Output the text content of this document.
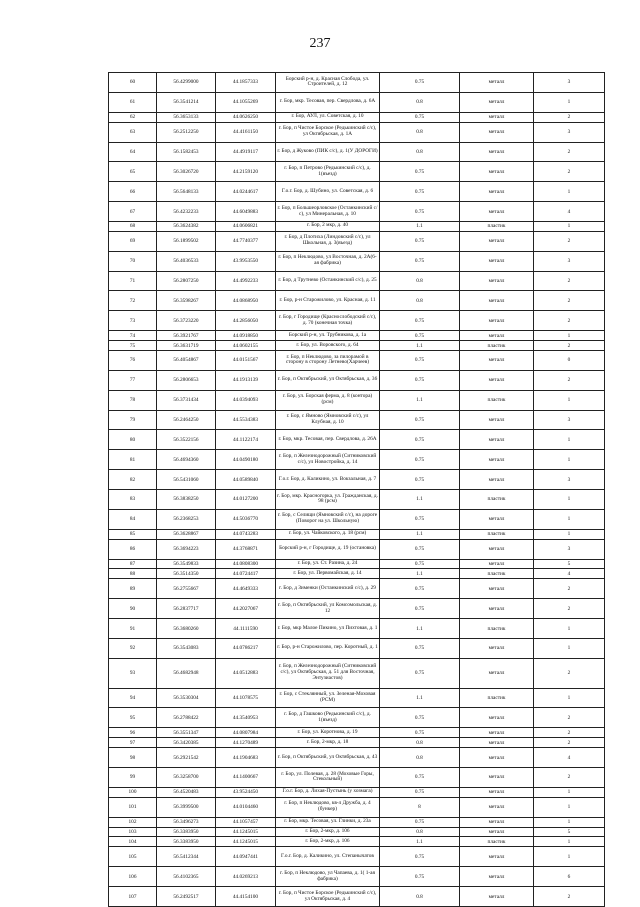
237
60	56.4299000	44.1857333	Борский р-н, д. Красная Слобода, ул. Строителей, д. 12	0.75	металл	3
61	56.3541214	44.1055269	г. Бор, мкр. Тесовая, пер. Свердлова, д. 6А	0.8	металл	1
62	56.3653133	44.0626250	г. Бор, АУЛ, ул. Советская, д. 10	0.75	металл	2
63	56.2512250	44.4161150	г. Бор, п Чистое Борское (Редькинский с/с), ул Октябрьская, д. 1А	0.8	металл	3
64	56.1582453	44.4919117	г. Бор, д Жуково (ПИК с/с), д. 1(У ДОРОГИ)	0.8	металл	2
65	56.3026720	44.2159120	г. Бор, п Петровo (Редькинский с/с), д. 1(въезд)	0.75	металл	2
66	56.5648133	44.0244617	Г.о.г. Бор, д. Шубино, ул. Советская, д. 6	0.75	металл	1
67	56.4232233	44.6049883	г. Бор, п Большеорловское (Останкинский с/с), ул Минеральная, д. 10	0.75	металл	4
68	56.3624382	44.0606821	г. Бор, 2 мкр, д. 40	1.1	пластик	1
69	56.1899502	44.7740377	г. Бор, д Плотиха (Линдовский с/с), ул Школьная, д. 3(въезд)	0.75	металл	2
70	56.4036533	43.9953550	г. Бор, п Неклюдово, ул Восточная, д. 2А(6-ая фабрика)	0.75	металл	3
71	56.2807250	44.4992233	г. Бор, д Трутнево (Останкинский с/с), д. 25	0.8	металл	2
72	56.3598267	44.0868950	г. Бор, р-н Старожилово, ул. Красная, д. 11	0.8	металл	2
73	56.3723220	44.2856050	г. Бор, г Городище (Краснослободский с/с), д. 70 (конечная точка)	0.75	металл	2
74	56.3921767	44.0918850	Борский р-н, ул. Трубникова, д. 1а	0.75	металл	1
75	56.3631719	44.0602155	г. Бор, ул. Воровского, д. 64	1.1	пластик	2
76	56.4054867	44.0151567	г. Бор, п Неклюдово, за пилорамой в сторону в сторону Летнево(Харчеев)	0.75	металл	0
77	56.2806653	44.1913139	г. Бор, п Октябрьский, ул Октябрьская, д. 36	0.75	металл	2
78	56.3731434	44.0394093	г. Бор, ул. Борская ферма, д. 8 (контора) (рсм)	1.1	пластик	1
79	56.2464250	44.5534383	г. Бор, с Ямново (Ямновский с/с), ул Клубная, д. 10	0.75	металл	3
80	56.3522156	44.1122174	г. Бор, мкр. Тесовая, пер. Свердлова, д. 26А	0.75	металл	1
81	56.4694360	44.0490180	г. Бор, п Железнодорожный (Ситниковский с/с), ул Новостройка, д. 14	0.75	металл	1
82	56.5431060	44.0589840	Г.о.г. Бор, д. Каликино, ул. Вокзальная, д. 7	0.75	металл	3
83	56.3838250	44.0127200	г. Бор, мкр. Красногорка, ул. Гражданская, д. 98 (рсм)	1.1	пластик	1
84	56.2368253	44.5036770	г. Бор, с Селищи (Ямновский с/с), на дороге (Поворот на ул. Школьную)	0.75	металл	1
85	56.3628867	44.0743283	г. Бор, ул. Чайковского, д. 18 (рсм)	1.1	пластик	1
86	56.3694223	44.3768871	Борский р-н, г Городище, д. 19 (остановка)	0.75	металл	3
87	56.3549833	44.0808300	г. Бор, ул. Ст. Разина, д. 24	0.75	металл	5
88	56.3514350	44.0724417	г. Бор, ул. Первомайская, д. 14	1.1	пластик	4
89	56.2755667	44.4649333	г. Бор, д Зименки (Останкинский с/с), д. 29	0.75	металл	2
90	56.2837717	44.2027067	г. Бор, п Октябрьский, ул Комсомольская, д. 12	0.75	металл	2
91	56.3680260	44.1111590	г. Бор, мкр Малое Пикино, ул Пихтовая, д. 1	1.1	пластик	1
92	56.3543083	44.0786217	г. Бор, р-н Старожилово, пер. Коротный, д. 1	0.75	металл	1
93	56.4682948	44.0512883	г. Бор, п Железнодорожный (Ситниковский с/с), ул Октябрьская, д. 51 для Восточная, Энтузиастов)	0.75	металл	2
94	56.3530304	44.1078575	г. Бор, с Стеклянный, ул. Зеленая-Моховая (РСМ)	1.1	пластик	1
95	56.2788422	44.3540953	г. Бор, д Гашково (Редькинский с/с), д. 1(въезд)	0.75	металл	2
96	56.3551347	44.0807984	г. Бор, ул. Коротнова, д. 19	0.75	металл	2
97	56.3420385	44.1270489	г. Бор, 2-мкр, д. 18	0.8	металл	2
98	56.2921542	44.1904683	г. Бор, п Октябрьский, ул Октябрьская, д. 43	0.8	металл	4
99	56.3258700	44.1400667	г. Бор, ул. Полевая, д. 28 (Моховые Горы, Стекольный)	0.75	металл	2
100	56.4520483	43.9524450	Г.о.г. Бор, д. Лихая-Пустынь (у хозмага)	0.75	металл	1
101	56.3999500	44.0104460	г. Бор, п Неклюдово, кв-л Дружба, д. 4 (бункер)	8	металл	1
102	56.3496273	44.1057457	г. Бор, мкр. Тесовая, ул. Глинки, д. 23а	0.75	металл	1
103	56.3383950	44.1245015	г. Бор, 2-мкр, д. 106	0.8	металл	5
104	56.3383950	44.1245015	г. Бор, 2-мкр, д. 106	1.1	пластик	1
105	56.5412344	44.0947441	Г.о.г. Бор, д. Каликино, ул. Степанычатов	0.75	металл	1
106	56.4102365	44.0269213	г. Бор, п Неклюдово, ул Чапаева, д. 1( 1-ая фабрика)	0.75	металл	6
107	56.2492517	44.4154100	г. Бор, п Чистое Борское (Редькинский с/с), ул Октябрьская, д. 4	0.8	металл	2
